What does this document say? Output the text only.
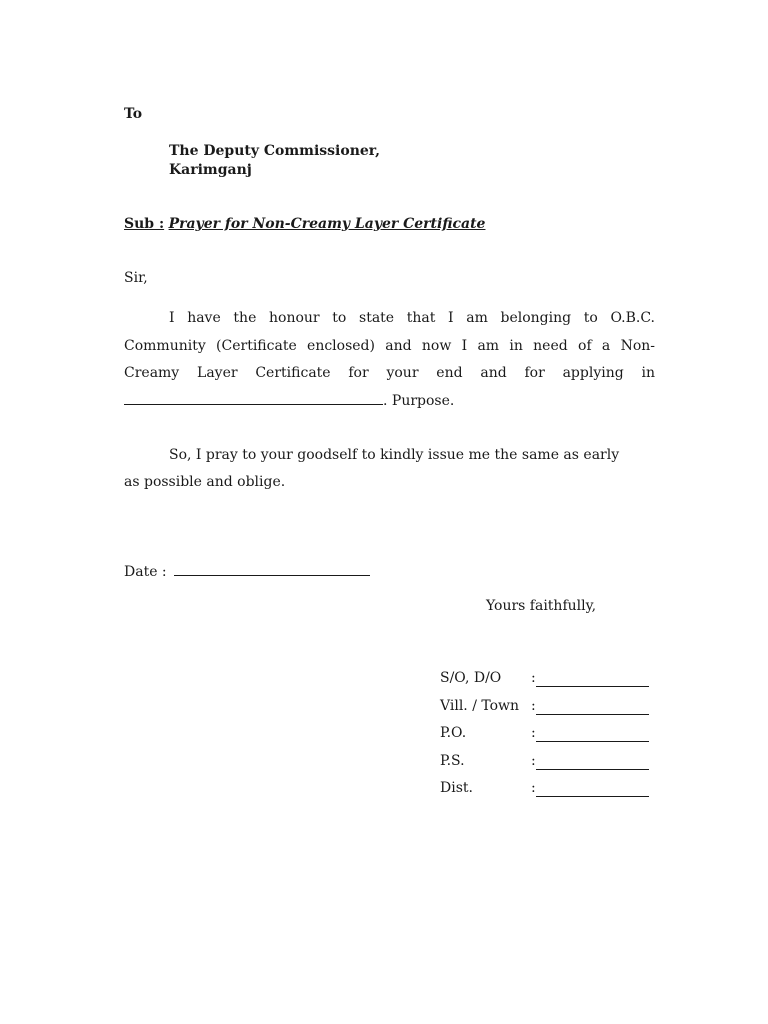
To
The Deputy Commissioner,
Karimganj
Sub : Prayer for Non-Creamy Layer Certificate
Sir,
I have the honour to state that I am belonging to O.B.C.
Community (Certificate enclosed) and now I am in need of a Non-
Creamy Layer Certificate for your end and for applying in
. Purpose.
So, I pray to your goodself to kindly issue me the same as early
as possible and oblige.
Date :
Yours faithfully,
S/O, D/O :
Vill. / Town :
P.O.	:
P.S.	:
Dist.	:
